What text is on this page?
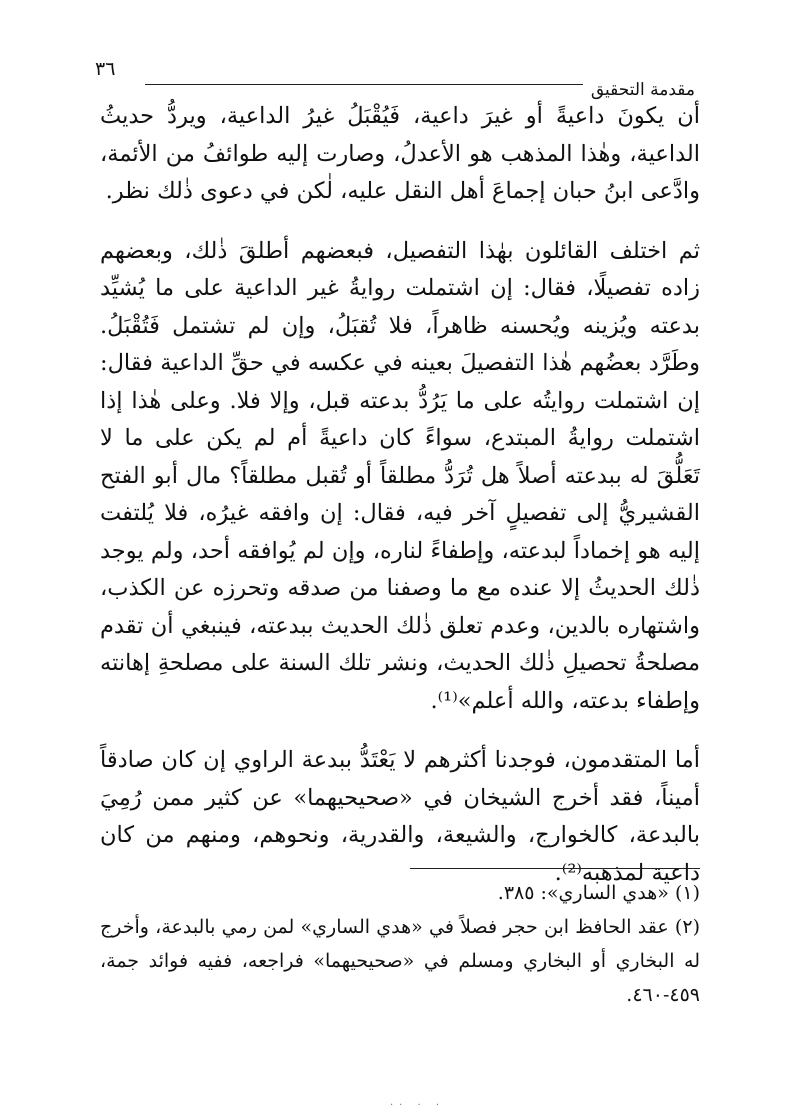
مقدمة التحقيق
٣٦

أن يكونَ داعيةً أو غيرَ داعية، فَيُقْبَلُ غيرُ الداعية، ويردُّ حديثُ الداعية، وهٰذا المذهب هو الأعدلُ، وصارت إليه طوائفُ من الأئمة، وادَّعى ابنُ حبان إجماعَ أهل النقل عليه، لٰكن في دعوى ذٰلك نظر.

ثم اختلف القائلون بهٰذا التفصيل، فبعضهم أطلقَ ذٰلك، وبعضهم زاده تفصيلًا، فقال: إن اشتملت روايةُ غير الداعية على ما يُشيِّد بدعته ويُزينه ويُحسنه ظاهراً، فلا تُقبَلُ، وإن لم تشتمل فَتُقْبَلُ. وطَرَّد بعضُهم هٰذا التفصيلَ بعينه في عكسه في حقِّ الداعية فقال: إن اشتملت روايتُه على ما يَرُدُّ بدعته قبل، وإلا فلا. وعلى هٰذا إذا اشتملت روايةُ المبتدع، سواءً كان داعيةً أم لم يكن على ما لا تَعَلُّقَ له ببدعته أصلاً هل تُرَدُّ مطلقاً أو تُقبل مطلقاً؟ مال أبو الفتح القشيريُّ إلى تفصيلٍ آخر فيه، فقال: إن وافقه غيرُه، فلا يُلتفت إليه هو إخماداً لبدعته، وإطفاءً لناره، وإن لم يُوافقه أحد، ولم يوجد ذٰلك الحديثُ إلا عنده مع ما وصفنا من صدقه وتحرزه عن الكذب، واشتهاره بالدين، وعدم تعلق ذٰلك الحديث ببدعته، فينبغي أن تقدم مصلحةُ تحصيلِ ذٰلك الحديث، ونشر تلك السنة على مصلحةِ إهانته وإطفاء بدعته، والله أعلم»⁽¹⁾.

أما المتقدمون، فوجدنا أكثرهم لا يَعْتَدُّ ببدعة الراوي إن كان صادقاً أميناً، فقد أخرج الشيخان في «صحيحيهما» عن كثير ممن رُمِيَ بالبدعة، كالخوارج، والشيعة، والقدرية، ونحوهم، ومنهم من كان داعية لمذهبه⁽²⁾.

(١) «هدي الساري»: ٣٨٥.

(٢) عقد الحافظ ابن حجر فصلاً في «هدي الساري» لمن رمي بالبدعة، وأخرج له البخاري أو البخاري ومسلم في «صحيحيهما» فراجعه، ففيه فوائد جمة، ٤٥٩-٤٦٠.

·· · ·
